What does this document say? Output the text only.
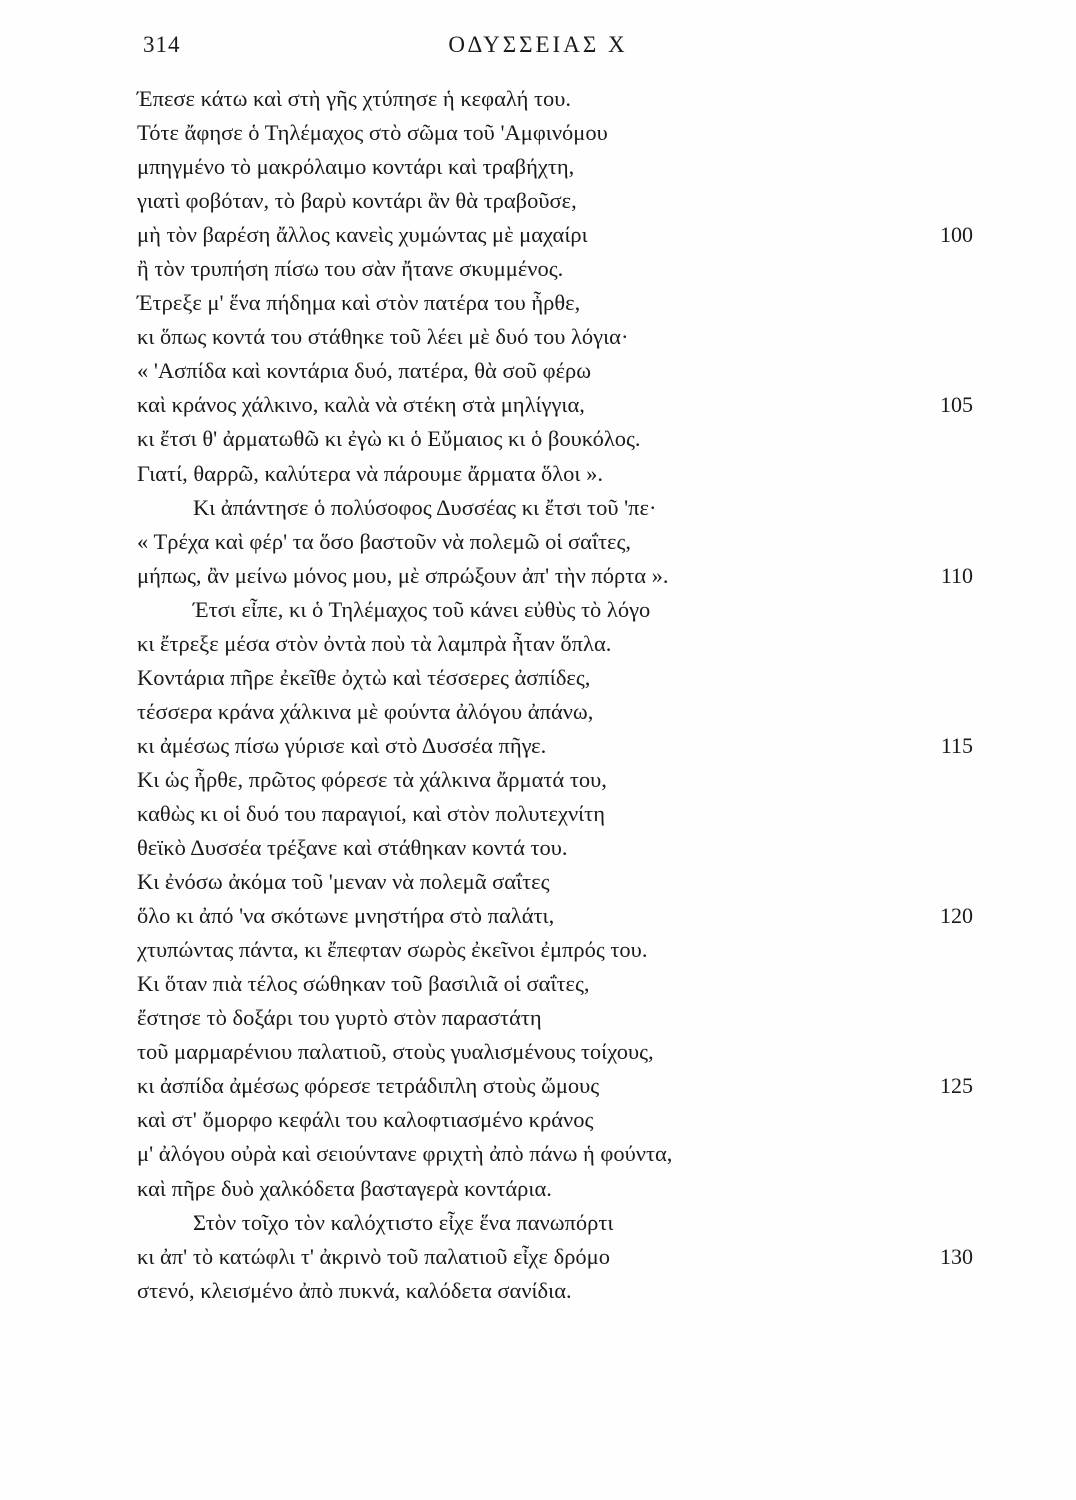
314	ΟΔΥΣΣΕΙΑΣ Χ
Έπεσε κάτω καὶ στὴ γῆς χτύπησε ἡ κεφαλή του.
Τότε ἄφησε ὁ Τηλέμαχος στὸ σῶμα τοῦ 'Αμφινόμου
μπηγμένο τὸ μακρόλαιμο κοντάρι καὶ τραβήχτη,
γιατὶ φοβόταν, τὸ βαρὺ κοντάρι ἂν θὰ τραβοῦσε,
μὴ τὸν βαρέση ἄλλος κανεὶς χυμώντας μὲ μαχαίρι	100
ἢ τὸν τρυπήση πίσω του σὰν ἤτανε σκυμμένος.
Έτρεξε μ' ἕνα πήδημα καὶ στὸν πατέρα του ἦρθε,
κι ὅπως κοντά του στάθηκε τοῦ λέει μὲ δυό του λόγια·
« 'Ασπίδα καὶ κοντάρια δυό, πατέρα, θὰ σοῦ φέρω
καὶ κράνος χάλκινο, καλὰ νὰ στέκη στὰ μηλίγγια,	105
κι ἔτσι θ' ἀρματωθῶ κι ἐγὼ κι ὁ Εὔμαιος κι ὁ βουκόλος.
Γιατί, θαρρῶ, καλύτερα νὰ πάρουμε ἄρματα ὅλοι ».
Κι ἀπάντησε ὁ πολύσοφος Δυσσέας κι ἔτσι τοῦ 'πε·
« Τρέχα καὶ φέρ' τα ὅσο βαστοῦν νὰ πολεμῶ οἱ σαΐτες,
μήπως, ἂν μείνω μόνος μου, μὲ σπρώξουν ἀπ' τὴν πόρτα ».	110
Έτσι εἶπε, κι ὁ Τηλέμαχος τοῦ κάνει εὐθὺς τὸ λόγο
κι ἔτρεξε μέσα στὸν ὀντὰ ποὺ τὰ λαμπρὰ ἦταν ὅπλα.
Κοντάρια πῆρε ἐκεῖθε ὀχτὼ καὶ τέσσερες ἀσπίδες,
τέσσερα κράνα χάλκινα μὲ φούντα ἀλόγου ἀπάνω,
κι ἀμέσως πίσω γύρισε καὶ στὸ Δυσσέα πῆγε.	115
Κι ὡς ἦρθε, πρῶτος φόρεσε τὰ χάλκινα ἄρματά του,
καθὼς κι οἱ δυό του παραγιοί, καὶ στὸν πολυτεχνίτη
θεϊκὸ Δυσσέα τρέξανε καὶ στάθηκαν κοντά του.
Κι ἐνόσω ἀκόμα τοῦ 'μεναν νὰ πολεμᾶ σαΐτες
ὅλο κι ἀπό 'να σκότωνε μνηστήρα στὸ παλάτι,	120
χτυπώντας πάντα, κι ἔπεφταν σωρὸς ἐκεῖνοι ἐμπρός του.
Κι ὅταν πιὰ τέλος σώθηκαν τοῦ βασιλιᾶ οἱ σαΐτες,
ἔστησε τὸ δοξάρι του γυρτὸ στὸν παραστάτη
τοῦ μαρμαρένιου παλατιοῦ, στοὺς γυαλισμένους τοίχους,
κι ἀσπίδα ἀμέσως φόρεσε τετράδιπλη στοὺς ὤμους	125
καὶ στ' ὄμορφο κεφάλι του καλοφτιασμένο κράνος
μ' ἀλόγου οὐρὰ καὶ σειούντανε φριχτὴ ἀπὸ πάνω ἡ φούντα,
καὶ πῆρε δυὸ χαλκόδετα βασταγερὰ κοντάρια.
Στὸν τοῖχο τὸν καλόχτιστο εἶχε ἕνα πανωπόρτι
κι ἀπ' τὸ κατώφλι τ' ἀκρινὸ τοῦ παλατιοῦ εἶχε δρόμο	130
στενό, κλεισμένο ἀπὸ πυκνά, καλόδετα σανίδια.
